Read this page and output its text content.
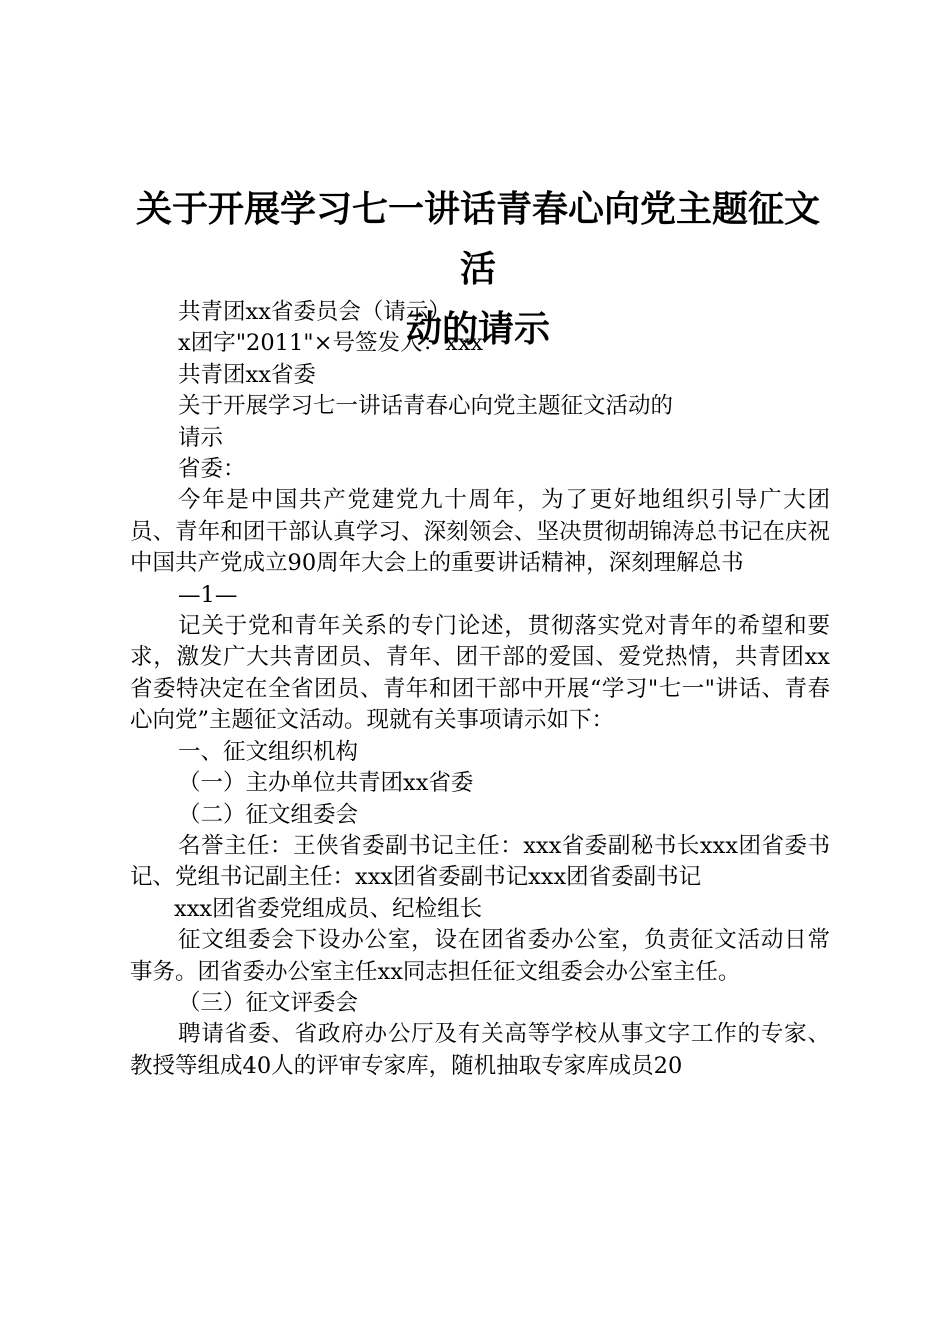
关于开展学习七一讲话青春心向党主题征文活
动的请示

共青团xx省委员会（请示）

x团字"2011"×号签发人：xxx

共青团xx省委

关于开展学习七一讲话青春心向党主题征文活动的

请示

省委：

今年是中国共产党建党九十周年，为了更好地组织引导广大团员、青年和团干部认真学习、深刻领会、坚决贯彻胡锦涛总书记在庆祝中国共产党成立90周年大会上的重要讲话精神，深刻理解总书

—1—

记关于党和青年关系的专门论述，贯彻落实党对青年的希望和要求，激发广大共青团员、青年、团干部的爱国、爱党热情，共青团xx省委特决定在全省团员、青年和团干部中开展“学习"七一"讲话、青春心向党”主题征文活动。现就有关事项请示如下：

一、征文组织机构

（一）主办单位共青团xx省委

（二）征文组委会

名誉主任：王侠省委副书记主任：xxx省委副秘书长xxx团省委书记、党组书记副主任：xxx团省委副书记xxx团省委副书记

xxx团省委党组成员、纪检组长

征文组委会下设办公室，设在团省委办公室，负责征文活动日常事务。团省委办公室主任xx同志担任征文组委会办公室主任。

（三）征文评委会

聘请省委、省政府办公厅及有关高等学校从事文字工作的专家、教授等组成40人的评审专家库，随机抽取专家库成员20
